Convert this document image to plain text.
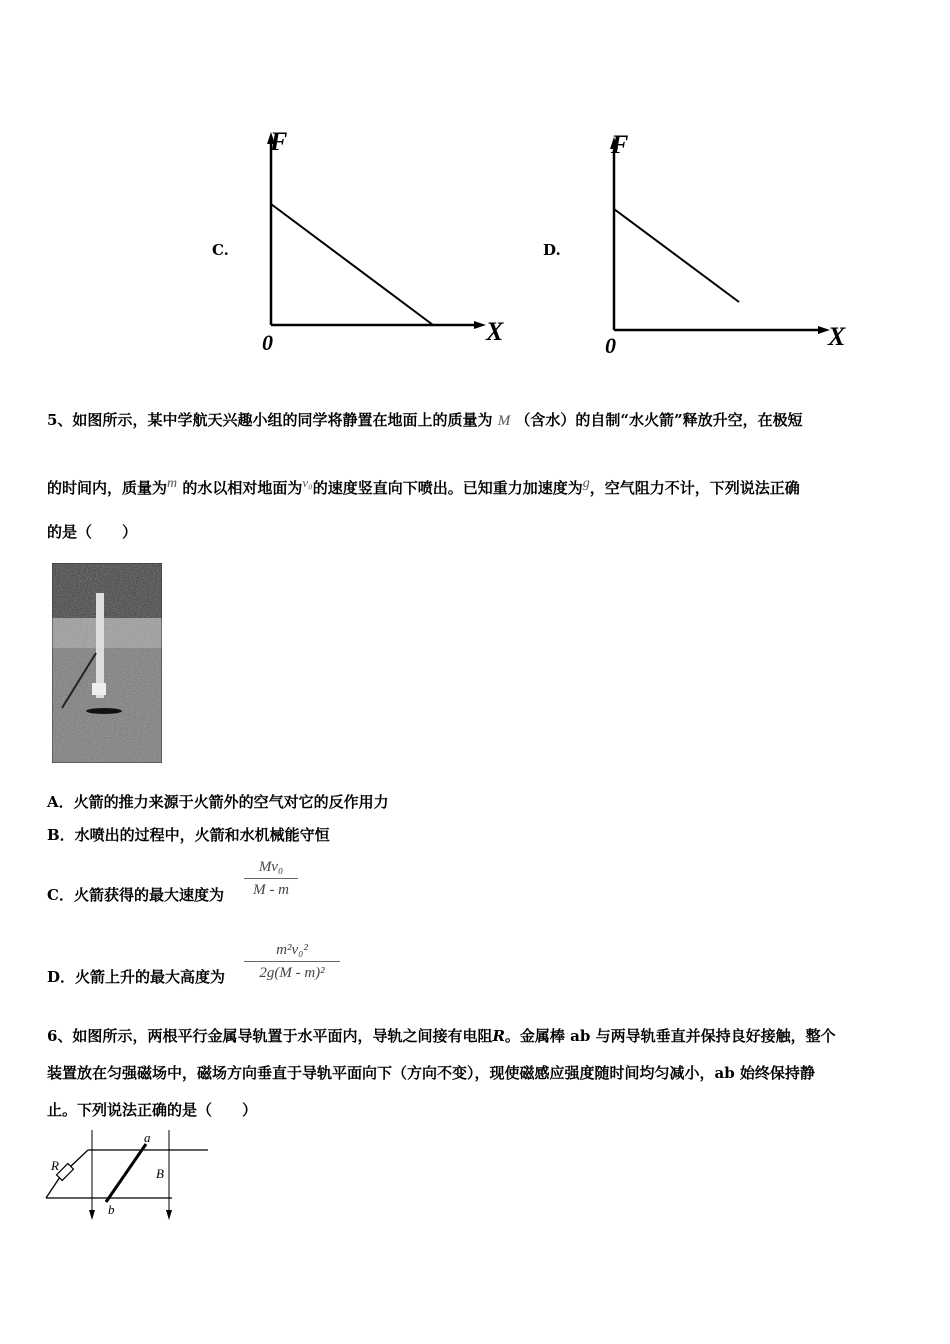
C.
F
X
0
D.
F
X
0
5、如图所示，某中学航天兴趣小组的同学将静置在地面上的质量为 M （含水）的自制“水火箭”释放升空，在极短
的时间内，质量为$^m$ 的水以相对地面为$^{v_0}$的速度竖直向下喷出。已知重力加速度为$^g$，空气阻力不计，下列说法正确
的是（　　）
A．火箭的推力来源于火箭外的空气对它的反作用力
B．水喷出的过程中，火箭和水机械能守恒
C．火箭获得的最大速度为
Mv₀
M - m
D．火箭上升的最大高度为
m²v₀²
2g(M - m)²
6、如图所示，两根平行金属导轨置于水平面内，导轨之间接有电阻R。金属棒 ab 与两导轨垂直并保持良好接触，整个
装置放在匀强磁场中，磁场方向垂直于导轨平面向下（方向不变），现使磁感应强度随时间均匀减小，ab 始终保持静
止。下列说法正确的是（　　）
a
b
R
B
